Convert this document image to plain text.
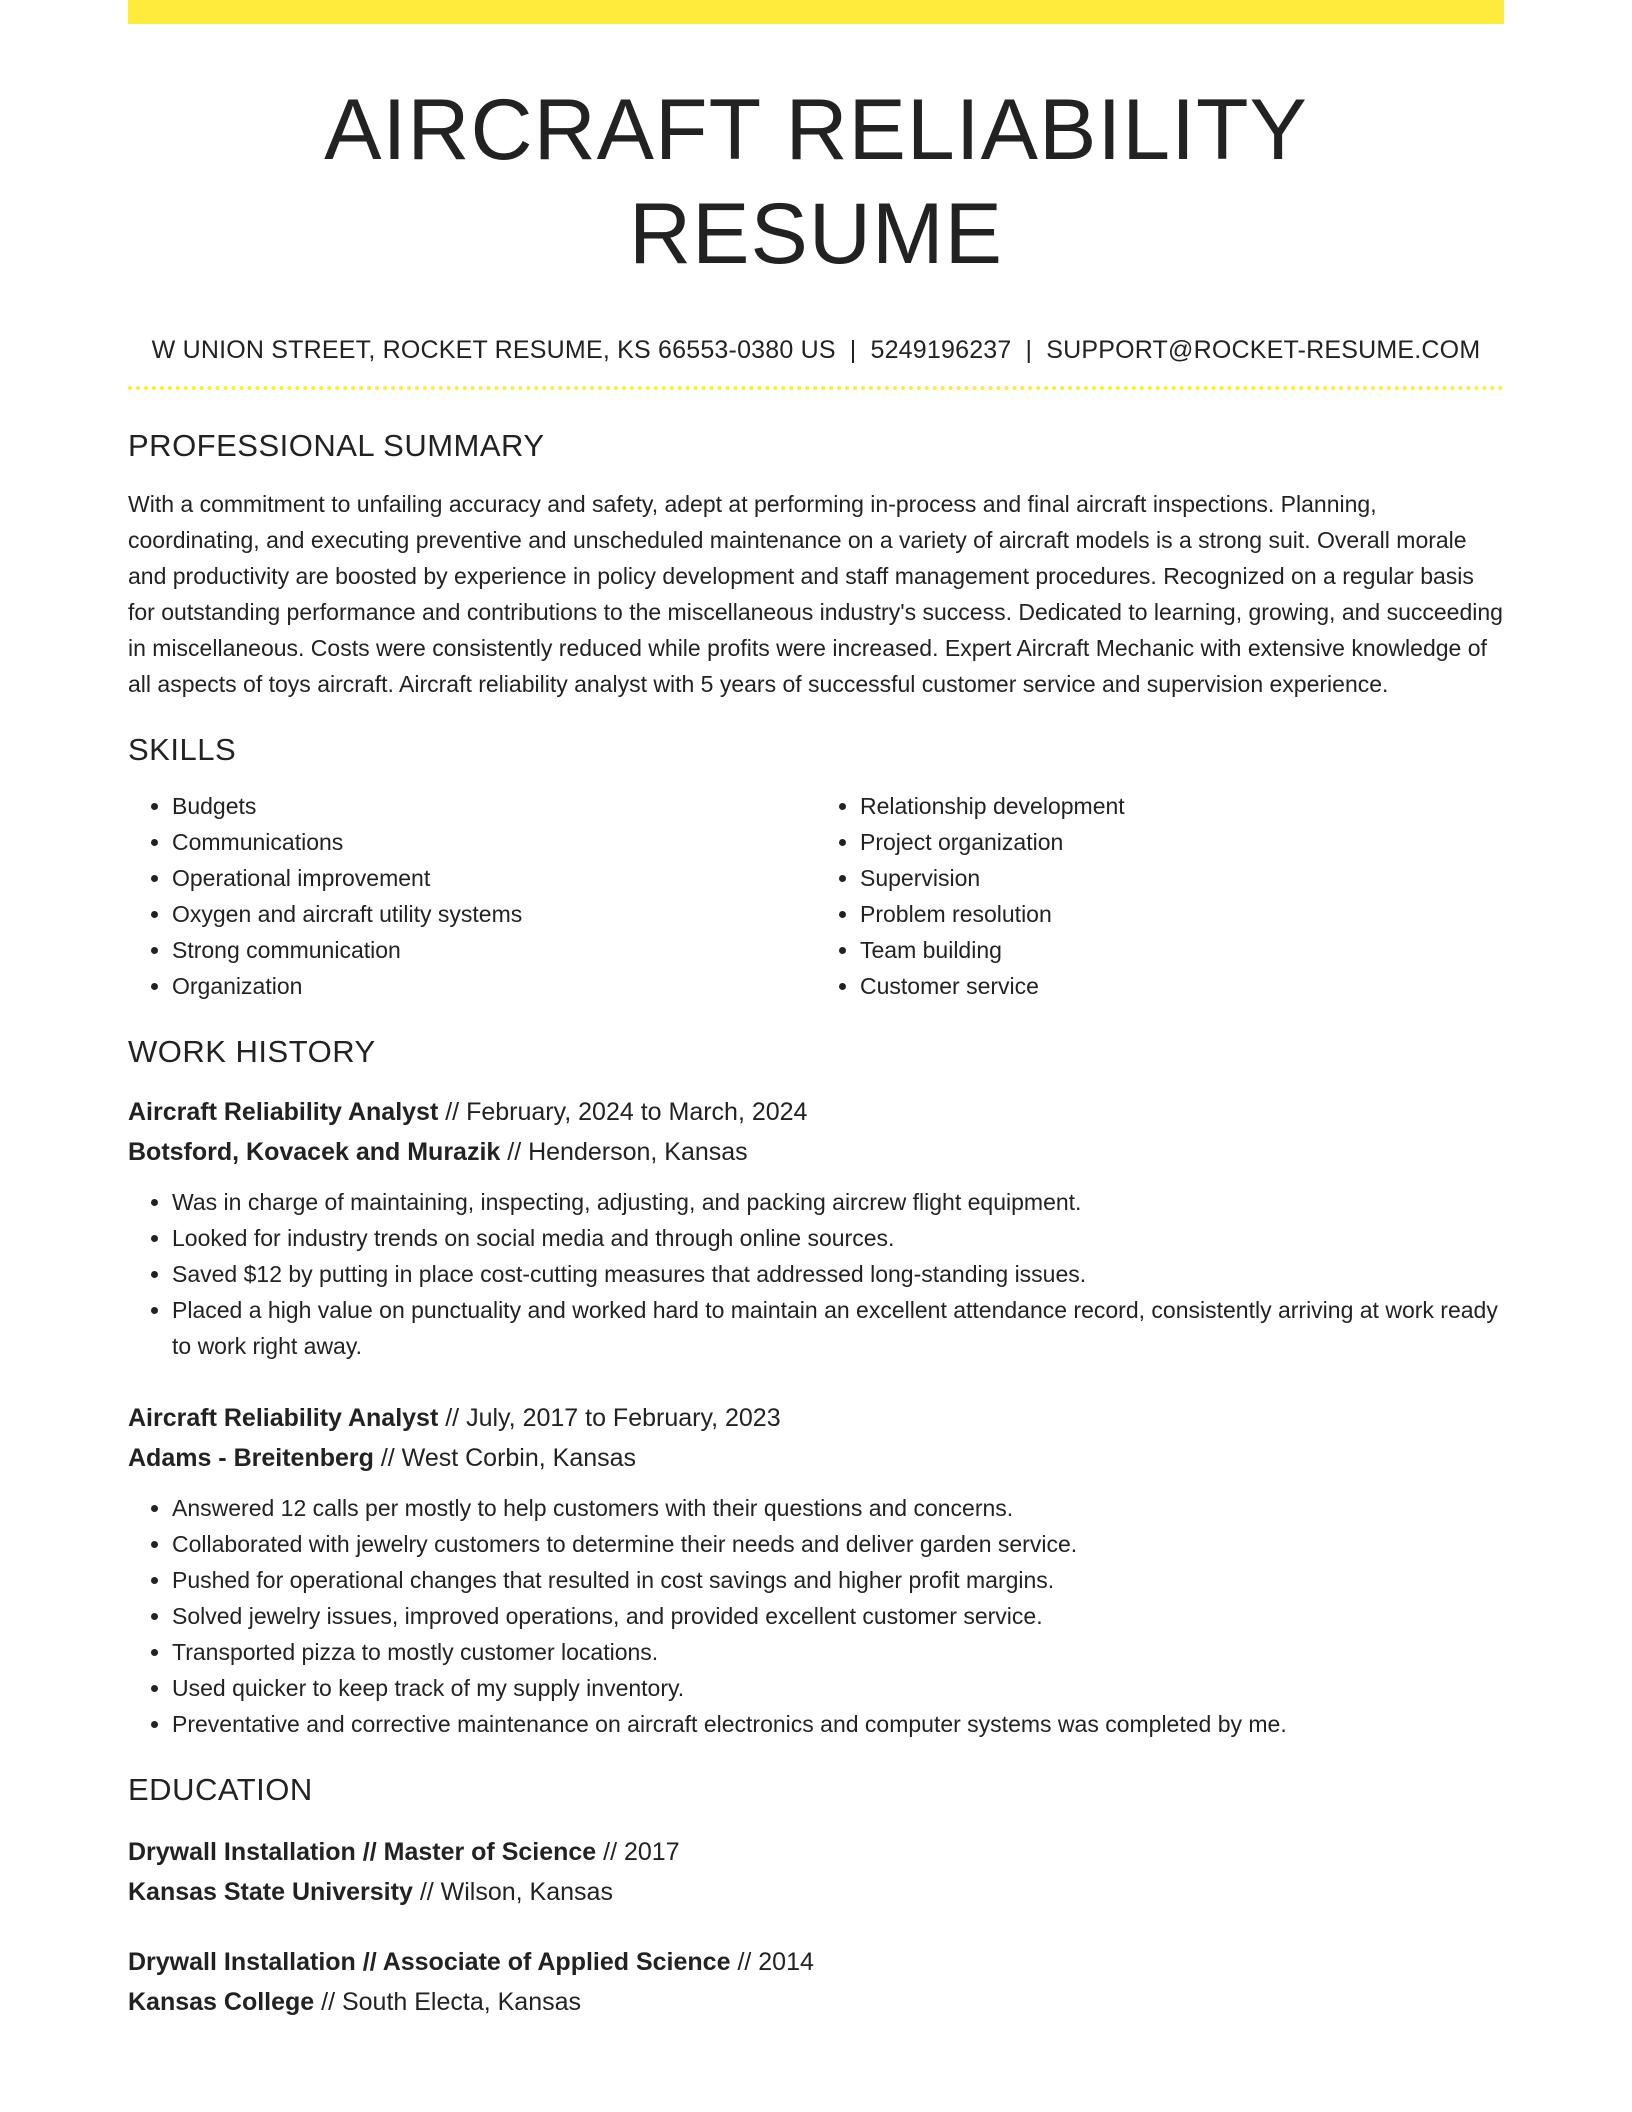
AIRCRAFT RELIABILITY RESUME
W UNION STREET, ROCKET RESUME, KS 66553-0380 US | 5249196237 | SUPPORT@ROCKET-RESUME.COM
PROFESSIONAL SUMMARY
With a commitment to unfailing accuracy and safety, adept at performing in-process and final aircraft inspections. Planning, coordinating, and executing preventive and unscheduled maintenance on a variety of aircraft models is a strong suit. Overall morale and productivity are boosted by experience in policy development and staff management procedures. Recognized on a regular basis for outstanding performance and contributions to the miscellaneous industry's success. Dedicated to learning, growing, and succeeding in miscellaneous. Costs were consistently reduced while profits were increased. Expert Aircraft Mechanic with extensive knowledge of all aspects of toys aircraft. Aircraft reliability analyst with 5 years of successful customer service and supervision experience.
SKILLS
• Budgets
• Communications
• Operational improvement
• Oxygen and aircraft utility systems
• Strong communication
• Organization
• Relationship development
• Project organization
• Supervision
• Problem resolution
• Team building
• Customer service
WORK HISTORY
Aircraft Reliability Analyst // February, 2024 to March, 2024
Botsford, Kovacek and Murazik // Henderson, Kansas
• Was in charge of maintaining, inspecting, adjusting, and packing aircrew flight equipment.
• Looked for industry trends on social media and through online sources.
• Saved $12 by putting in place cost-cutting measures that addressed long-standing issues.
• Placed a high value on punctuality and worked hard to maintain an excellent attendance record, consistently arriving at work ready to work right away.
Aircraft Reliability Analyst // July, 2017 to February, 2023
Adams - Breitenberg // West Corbin, Kansas
• Answered 12 calls per mostly to help customers with their questions and concerns.
• Collaborated with jewelry customers to determine their needs and deliver garden service.
• Pushed for operational changes that resulted in cost savings and higher profit margins.
• Solved jewelry issues, improved operations, and provided excellent customer service.
• Transported pizza to mostly customer locations.
• Used quicker to keep track of my supply inventory.
• Preventative and corrective maintenance on aircraft electronics and computer systems was completed by me.
EDUCATION
Drywall Installation // Master of Science // 2017
Kansas State University // Wilson, Kansas
Drywall Installation // Associate of Applied Science // 2014
Kansas College // South Electa, Kansas
